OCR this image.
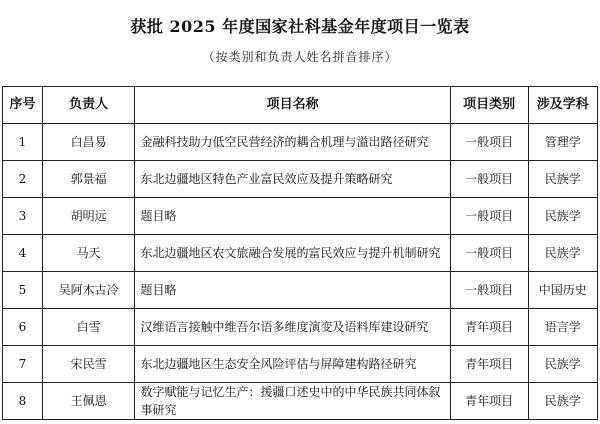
获批 2025 年度国家社科基金年度项目一览表
（按类别和负责人姓名拼音排序）
序号	负责人	项目名称	项目类别	涉及学科
1	白昌易	金融科技助力低空民营经济的耦合机理与溢出路径研究	一般项目	管理学
2	郭景福	东北边疆地区特色产业富民效应及提升策略研究	一般项目	民族学
3	胡明远	题目略	一般项目	民族学
4	马天	东北边疆地区农文旅融合发展的富民效应与提升机制研究	一般项目	民族学
5	吴阿木古冷	题目略	一般项目	中国历史
6	白雪	汉维语言接触中维吾尔语多维度演变及语料库建设研究	青年项目	语言学
7	宋民雪	东北边疆地区生态安全风险评估与屏障建构路径研究	青年项目	民族学
8	王佩恩	数字赋能与记忆生产：援疆口述史中的中华民族共同体叙事研究	青年项目	民族学
